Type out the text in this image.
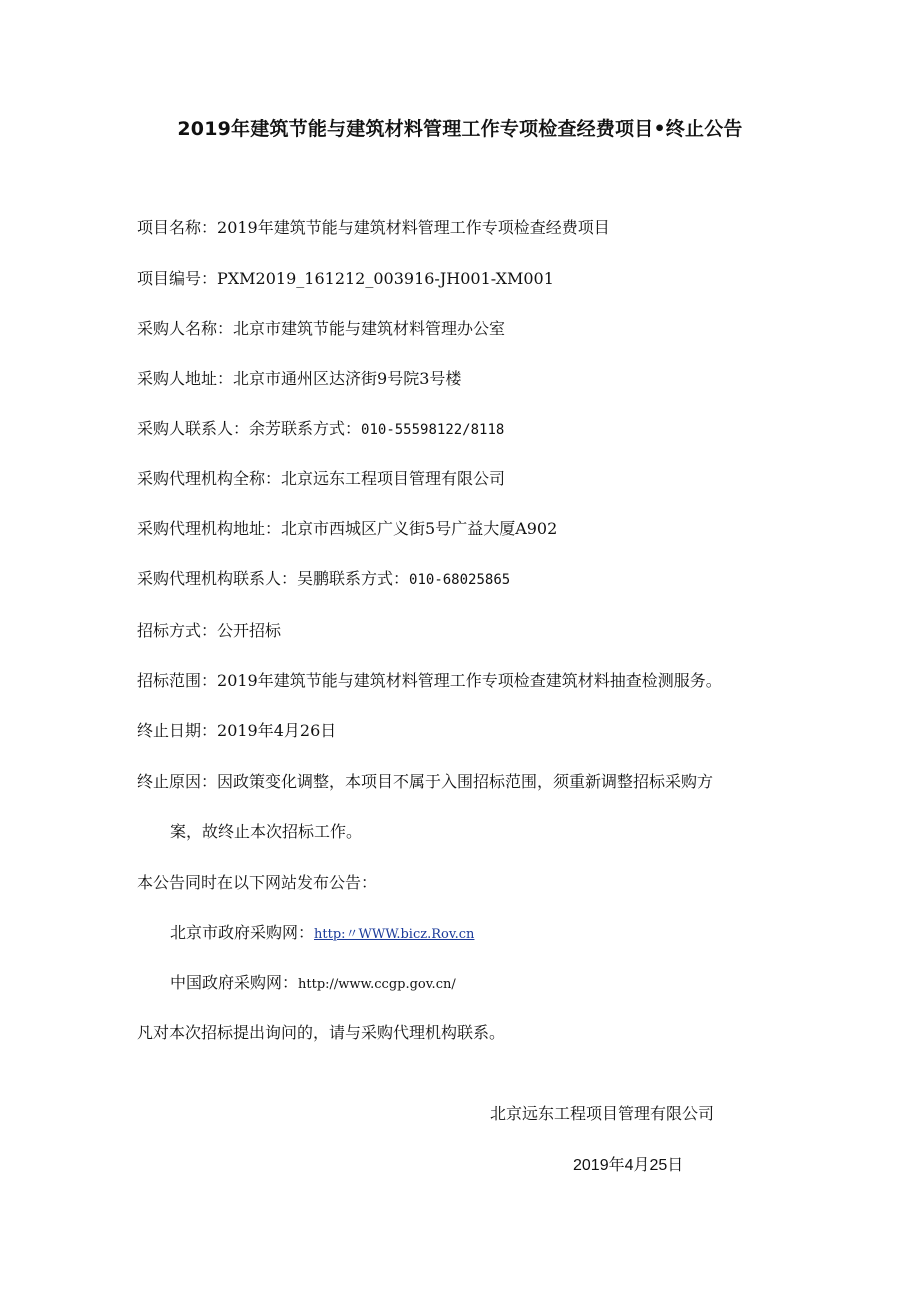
2019年建筑节能与建筑材料管理工作专项检查经费项目•终止公告
项目名称：2019年建筑节能与建筑材料管理工作专项检查经费项目
项目编号：PXM2019_161212_003916-JH001-XM001
采购人名称：北京市建筑节能与建筑材料管理办公室
采购人地址：北京市通州区达济街9号院3号楼
采购人联系人：余芳联系方式：010-55598122/8118
采购代理机构全称：北京远东工程项目管理有限公司
采购代理机构地址：北京市西城区广义街5号广益大厦A902
采购代理机构联系人：吴鹏联系方式：010-68025865
招标方式：公开招标
招标范围：2019年建筑节能与建筑材料管理工作专项检查建筑材料抽查检测服务。
终止日期：2019年4月26日
终止原因：因政策变化调整，本项目不属于入围招标范围，须重新调整招标采购方
案，故终止本次招标工作。
本公告同时在以下网站发布公告：
北京市政府采购网：http:〃WWW.bicz.Rov.cn
中国政府采购网：http://www.ccgp.gov.cn/
凡对本次招标提出询问的，请与采购代理机构联系。
北京远东工程项目管理有限公司
2019年4月25日
